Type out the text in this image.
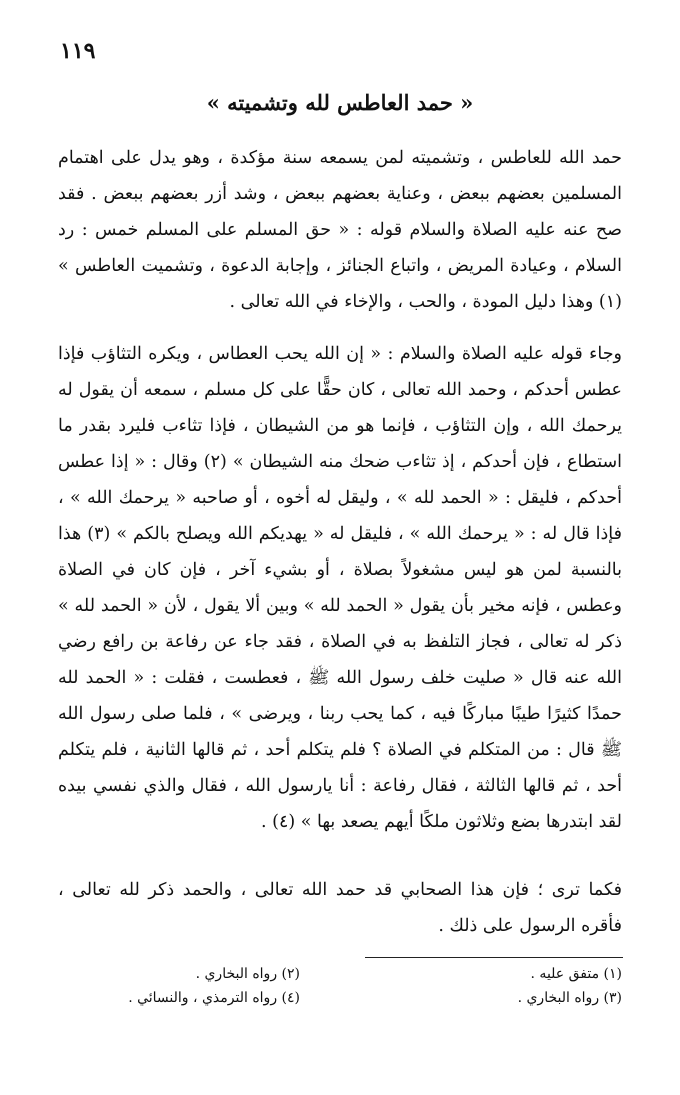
١١٩
« حمد العاطس لله وتشميته »

حمد الله للعاطس ، وتشميته لمن يسمعه سنة مؤكدة ، وهو يدل على اهتمام المسلمين بعضهم ببعض ، وعناية بعضهم ببعض ، وشد أزر بعضهم ببعض . فقد صح عنه عليه الصلاة والسلام قوله : « حق المسلم على المسلم خمس : رد السلام ، وعيادة المريض ، واتباع الجنائز ، وإجابة الدعوة ، وتشميت العاطس » (١) وهذا دليل المودة ، والحب ، والإخاء في الله تعالى .

وجاء قوله عليه الصلاة والسلام : « إن الله يحب العطاس ، ويكره التثاؤب فإذا عطس أحدكم ، وحمد الله تعالى ، كان حقًّا على كل مسلم ، سمعه أن يقول له يرحمك الله ، وإن التثاؤب ، فإنما هو من الشيطان ، فإذا تثاءب فليرد بقدر ما استطاع ، فإن أحدكم ، إذ تثاءب ضحك منه الشيطان » (٢) وقال : « إذا عطس أحدكم ، فليقل : « الحمد لله » ، وليقل له أخوه ، أو صاحبه « يرحمك الله » ، فإذا قال له : « يرحمك الله » ، فليقل له « يهديكم الله ويصلح بالكم » (٣) هذا بالنسبة لمن هو ليس مشغولاً بصلاة ، أو بشيء آخر ، فإن كان في الصلاة وعطس ، فإنه مخير بأن يقول « الحمد لله » وبين ألا يقول ، لأن « الحمد لله » ذكر له تعالى ، فجاز التلفظ به في الصلاة ، فقد جاء عن رفاعة بن رافع رضي الله عنه قال « صليت خلف رسول الله ﷺ ، فعطست ، فقلت : « الحمد لله حمدًا كثيرًا طيبًا مباركًا فيه ، كما يحب ربنا ، ويرضى » ، فلما صلى رسول الله ﷺ قال : من المتكلم في الصلاة ؟ فلم يتكلم أحد ، ثم قالها الثانية ، فلم يتكلم أحد ، ثم قالها الثالثة ، فقال رفاعة : أنا يارسول الله ، فقال والذي نفسي بيده لقد ابتدرها بضع وثلاثون ملكًا أيهم يصعد بها » (٤) .

فكما ترى ؛ فإن هذا الصحابي قد حمد الله تعالى ، والحمد ذكر لله تعالى ، فأقره الرسول على ذلك .

(١) متفق عليه .
(٢) رواه البخاري .
(٣) رواه البخاري .
(٤) رواه الترمذي ، والنسائي .
